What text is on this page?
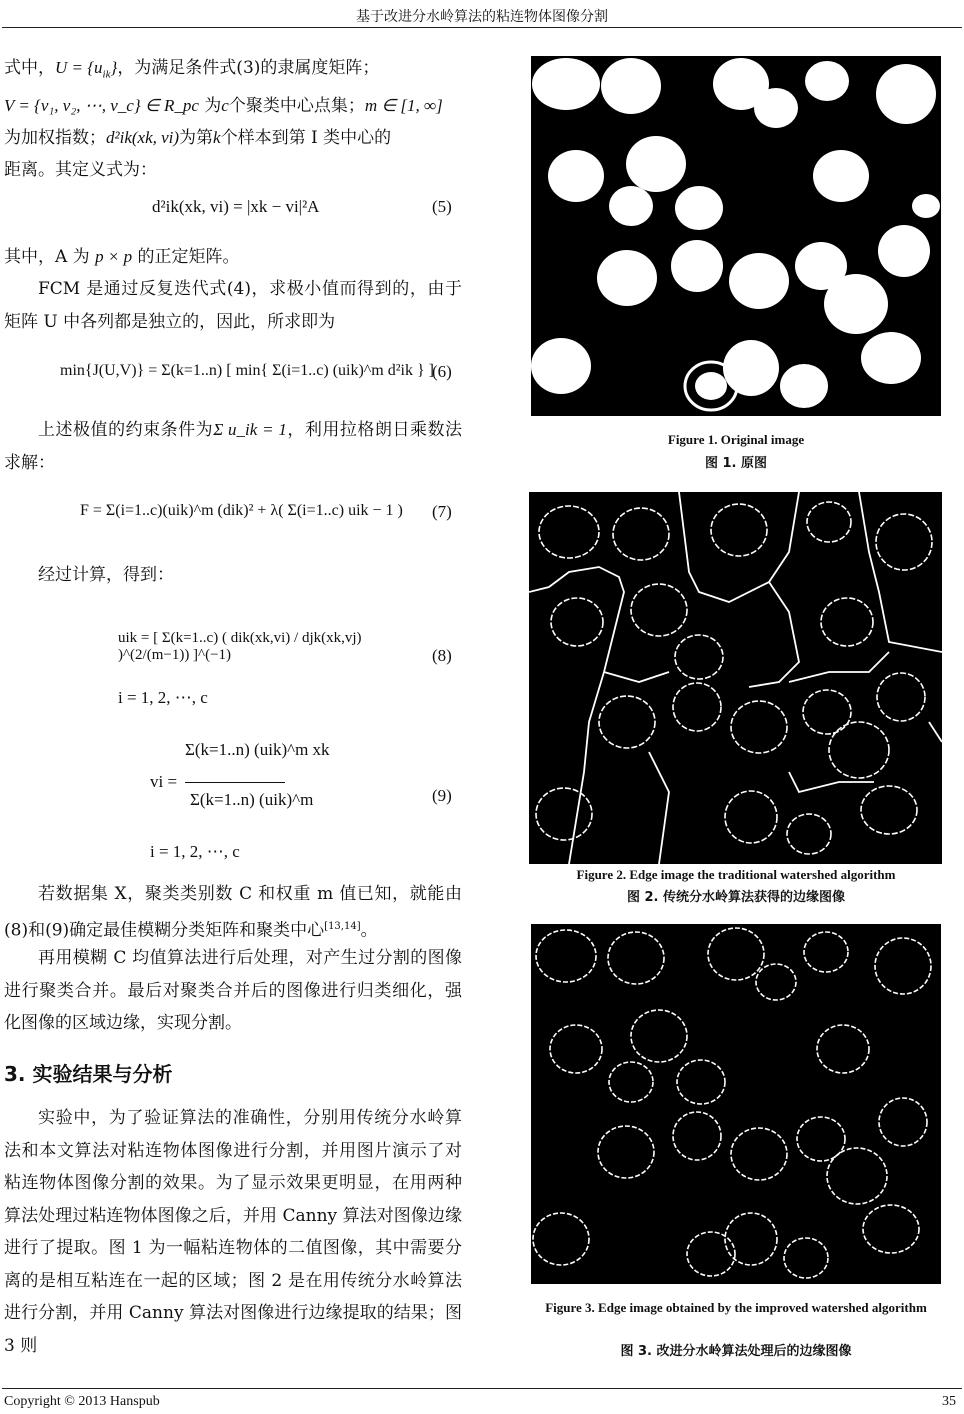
基于改进分水岭算法的粘连物体图像分割
式中，$U = \{u_{ik}\}$，为满足条件式(3)的隶属度矩阵；
V = {v₁, v₂, ⋯, v_c} ∈ R_pc 为c个聚类中心点集；m ∈ [1, ∞]
为加权指数；d²ik(xk, vi)为第k个样本到第 I 类中心的
距离。其定义式为：
d²ik(xk, vi) = |xk − vi|²A	(5)
其中，A 为 p × p 的正定矩阵。
FCM 是通过反复迭代式(4)，求极小值而得到的，由于矩阵 U 中各列都是独立的，因此，所求即为
min{J(U,V)} = Σ(k=1..n) [ min{ Σ(i=1..c) (uik)^m d²ik } ]
(6)
上述极值的约束条件为Σ u_ik = 1，利用拉格朗日乘数法求解：
F = Σ(i=1..c)(uik)^m (dik)² + λ( Σ(i=1..c) uik − 1 ) (7)
经过计算，得到：
uik = [ Σ(k=1..c) ( dik(xk,vi) / djk(xk,vj) )^(2/(m−1)) ]^(−1)
i = 1, 2, ⋯, c
(8)
Σ(k=1..n) (uik)^m xk
vi =
Σ(k=1..n) (uik)^m
i = 1, 2, ⋯, c
(9)
若数据集 X，聚类类别数 C 和权重 m 值已知，就能由(8)和(9)确定最佳模糊分类矩阵和聚类中心[13,14]。
再用模糊 C 均值算法进行后处理，对产生过分割的图像进行聚类合并。最后对聚类合并后的图像进行归类细化，强化图像的区域边缘，实现分割。
3. 实验结果与分析
实验中，为了验证算法的准确性，分别用传统分水岭算法和本文算法对粘连物体图像进行分割，并用图片演示了对粘连物体图像分割的效果。为了显示效果更明显，在用两种算法处理过粘连物体图像之后，并用 Canny 算法对图像边缘进行了提取。图 1 为一幅粘连物体的二值图像，其中需要分离的是相互粘连在一起的区域；图 2 是在用传统分水岭算法进行分割，并用 Canny 算法对图像进行边缘提取的结果；图 3 则
Figure 1. Original image
图 1. 原图
Figure 2. Edge image the traditional watershed algorithm
图 2. 传统分水岭算法获得的边缘图像
Figure 3. Edge image obtained by the improved watershed algorithm
图 3. 改进分水岭算法处理后的边缘图像
Copyright © 2013 Hanspub	35
